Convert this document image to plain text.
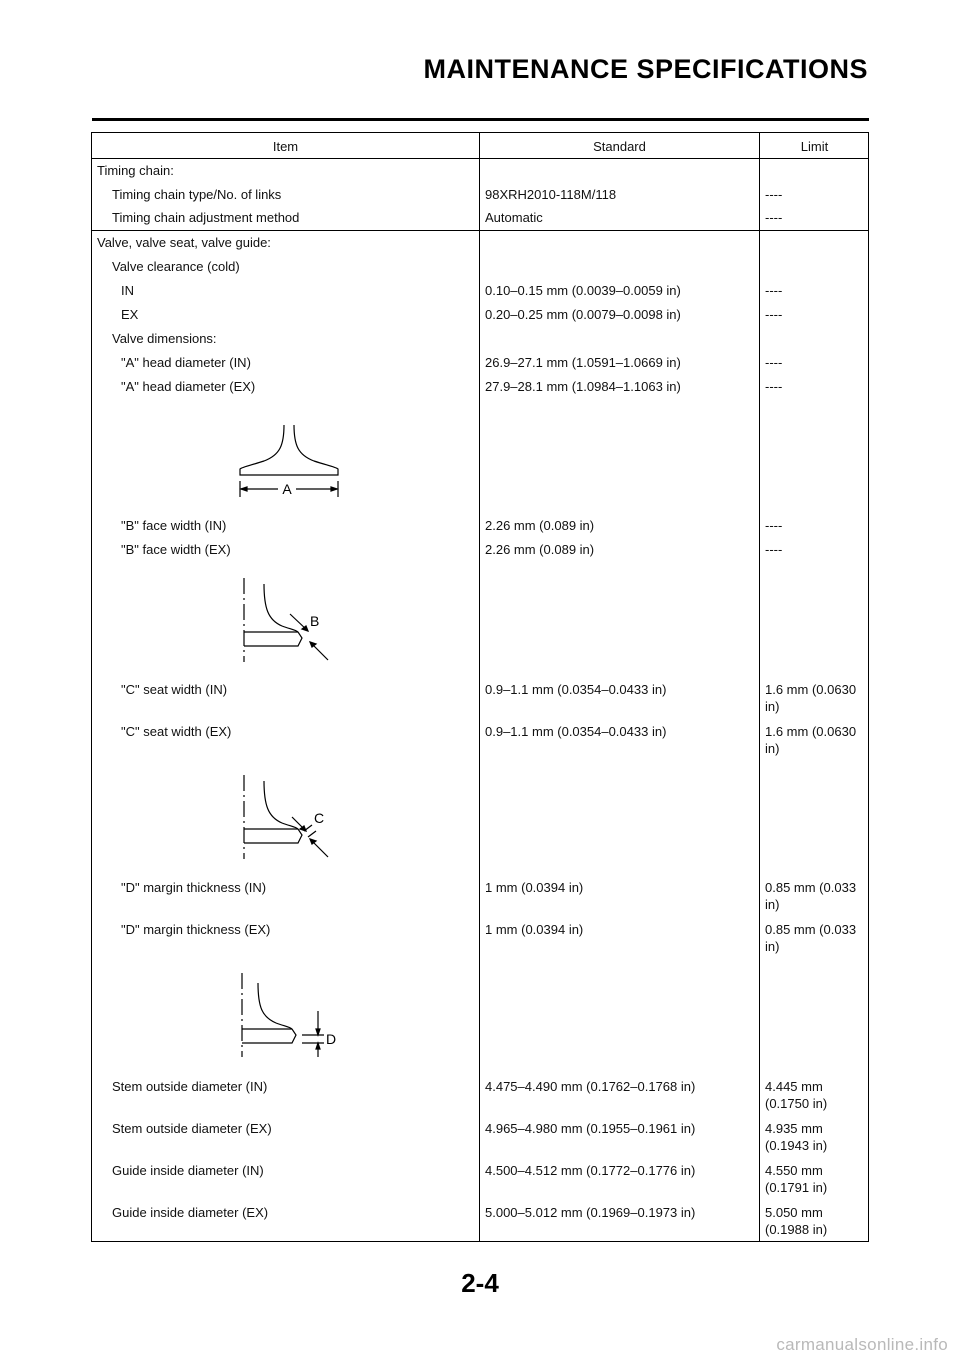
MAINTENANCE SPECIFICATIONS
Item	Standard	Limit
Timing chain:
Timing chain type/No. of links	98XRH2010-118M/118	----
Timing chain adjustment method	Automatic	----
Valve, valve seat, valve guide:
Valve clearance (cold)
IN	0.10–0.15 mm (0.0039–0.0059 in)	----
EX	0.20–0.25 mm (0.0079–0.0098 in)	----
Valve dimensions:
"A" head diameter (IN)	26.9–27.1 mm (1.0591–1.0669 in)	----
"A" head diameter (EX)	27.9–28.1 mm (1.0984–1.1063 in)	----
A
"B" face width (IN)	2.26 mm (0.089 in)	----
"B" face width (EX)	2.26 mm (0.089 in)	----
B
"C" seat width (IN)	0.9–1.1 mm (0.0354–0.0433 in)	1.6 mm (0.0630 in)
"C" seat width (EX)	0.9–1.1 mm (0.0354–0.0433 in)	1.6 mm (0.0630 in)
C
"D" margin thickness (IN)	1 mm (0.0394 in)	0.85 mm (0.033 in)
"D" margin thickness (EX)	1 mm (0.0394 in)	0.85 mm (0.033 in)
D
Stem outside diameter (IN)	4.475–4.490 mm (0.1762–0.1768 in)	4.445 mm (0.1750 in)
Stem outside diameter (EX)	4.965–4.980 mm (0.1955–0.1961 in)	4.935 mm (0.1943 in)
Guide inside diameter (IN)	4.500–4.512 mm (0.1772–0.1776 in)	4.550 mm (0.1791 in)
Guide inside diameter (EX)	5.000–5.012 mm (0.1969–0.1973 in)	5.050 mm (0.1988 in)
2-4
carmanualsonline.info
